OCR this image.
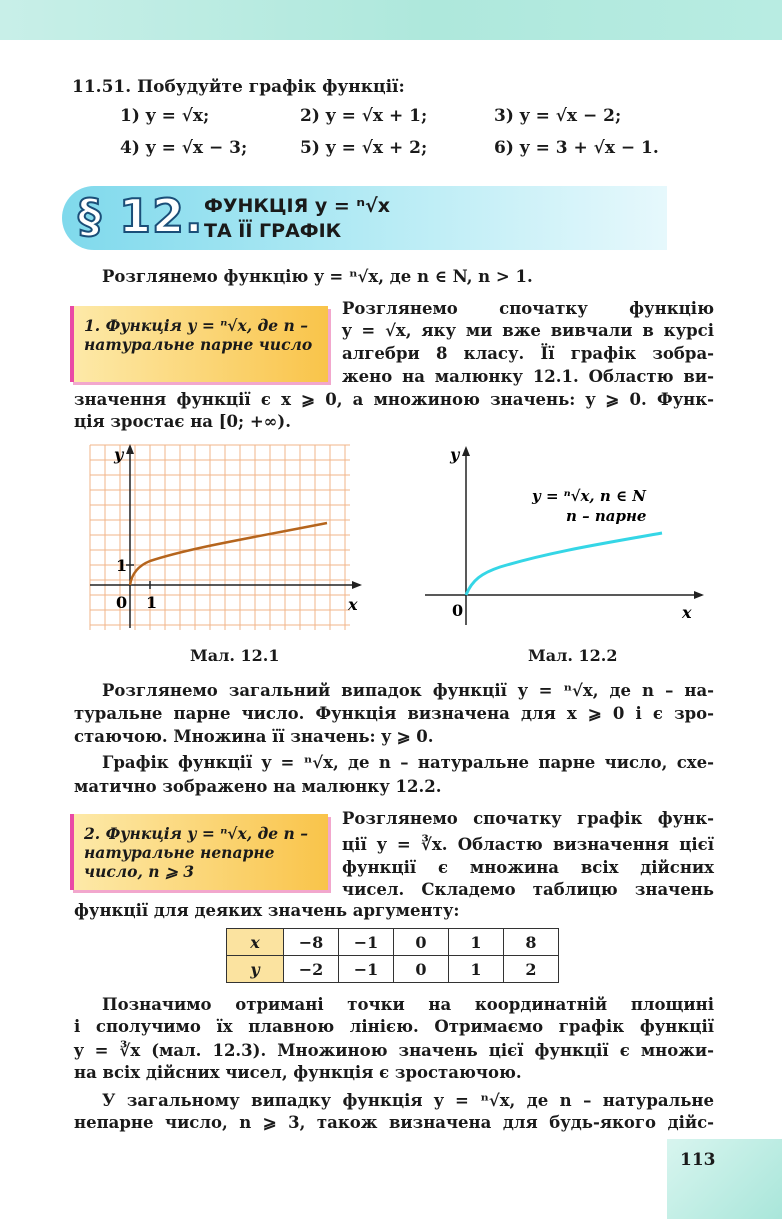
11.51. Побудуйте графік функції:
1) y = √x;	2) y = √x + 1;	3) y = √x − 2;
4) y = √x − 3;	5) y = √x + 2;	6) y = 3 + √x − 1.
§ 12. ФУНКЦІЯ y = ⁿ√x
ТА ЇЇ ГРАФІК
Розглянемо функцію y = ⁿ√x, де n ∈ N, n > 1.
1. Функція y = ⁿ√x, де n – натуральне парне число
Розглянемо спочатку функцію
y = √x, яку ми вже вивчали в курсі
алгебри 8 класу. Її графік зобра-
жено на малюнку 12.1. Областю ви-
значення функції є x ⩾ 0, а множиною значень: y ⩾ 0. Функ-
ція зростає на [0; +∞).
y
x
0 1
1
Мал. 12.1
y
x
0
y = ⁿ√x, n ∈ N
n – парне
Мал. 12.2
Розглянемо загальний випадок функції y = ⁿ√x, де n – на-
туральне парне число. Функція визначена для x ⩾ 0 і є зро-
стаючою. Множина її значень: y ⩾ 0.
Графік функції y = ⁿ√x, де n – натуральне парне число, схе-
матично зображено на малюнку 12.2.
2. Функція y = ⁿ√x, де n – натуральне непарне число, n ⩾ 3
Розглянемо спочатку графік функ-
ції y = ∛x. Областю визначення цієї
функції є множина всіх дійсних
чисел. Складемо таблицю значень
функції для деяких значень аргументу:
x	−8	−1	0	1	8
y	−2	−1	0	1	2
Позначимо отримані точки на координатній площині
і сполучимо їх плавною лінією. Отримаємо графік функції
y = ∛x (мал. 12.3). Множиною значень цієї функції є множи-
на всіх дійсних чисел, функція є зростаючою.
У загальному випадку функція y = ⁿ√x, де n – натуральне
непарне число, n ⩾ 3, також визначена для будь-якого дійс-
113
